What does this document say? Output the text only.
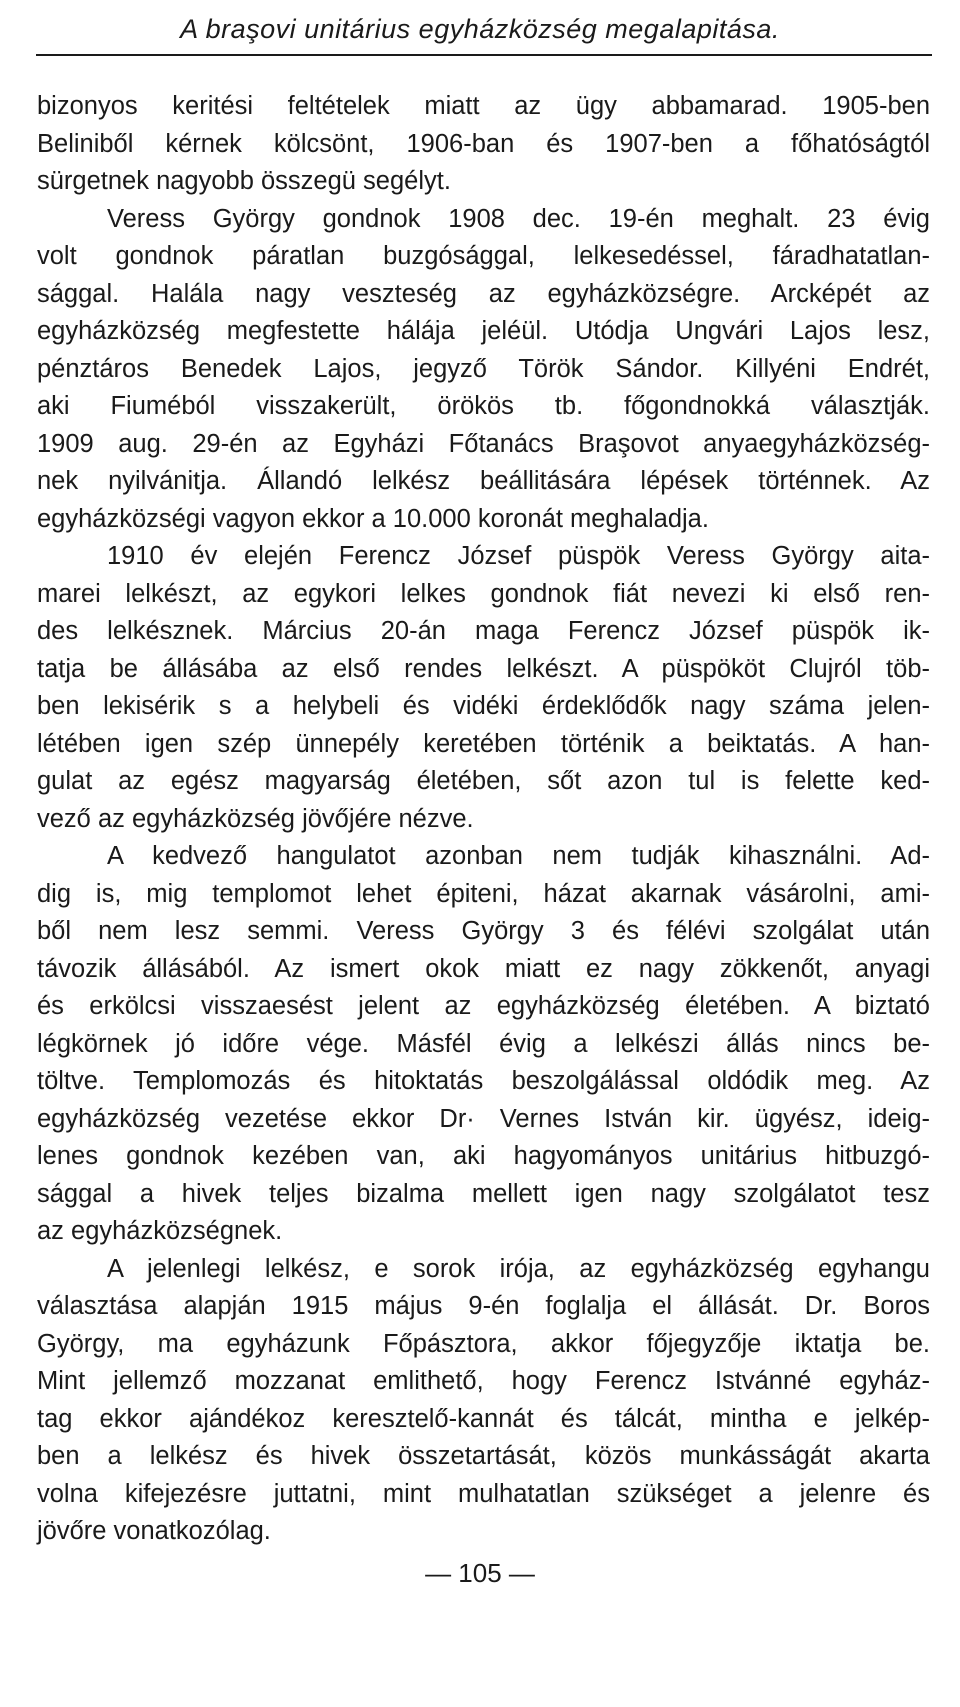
A braşovi unitárius egyházközség megalapitása.
bizonyos keritési feltételek miatt az ügy abbamarad. 1905-ben
Beliniből kérnek kölcsönt, 1906-ban és 1907-ben a főhatóságtól
sürgetnek nagyobb összegü segélyt.
Veress György gondnok 1908 dec. 19-én meghalt. 23 évig
volt gondnok páratlan buzgósággal, lelkesedéssel, fáradhatatlan-
sággal. Halála nagy veszteség az egyházközségre. Arcképét az
egyházközség megfestette hálája jeléül. Utódja Ungvári Lajos lesz,
pénztáros Benedek Lajos, jegyző Török Sándor. Killyéni Endrét,
aki Fiuméból visszakerült, örökös tb. főgondnokká választják.
1909 aug. 29-én az Egyházi Főtanács Braşovot anyaegyházközség-
nek nyilvánitja. Állandó lelkész beállitására lépések történnek. Az
egyházközségi vagyon ekkor a 10.000 koronát meghaladja.
1910 év elején Ferencz József püspök Veress György aita-
marei lelkészt, az egykori lelkes gondnok fiát nevezi ki első ren-
des lelkésznek. Március 20-án maga Ferencz József püspök ik-
tatja be állásába az első rendes lelkészt. A püspököt Clujról töb-
ben lekisérik s a helybeli és vidéki érdeklődők nagy száma jelen-
létében igen szép ünnepély keretében történik a beiktatás. A han-
gulat az egész magyarság életében, sőt azon tul is felette ked-
vező az egyházközség jövőjére nézve.
A kedvező hangulatot azonban nem tudják kihasználni. Ad-
dig is, mig templomot lehet épiteni, házat akarnak vásárolni, ami-
ből nem lesz semmi. Veress György 3 és félévi szolgálat után
távozik állásából. Az ismert okok miatt ez nagy zökkenőt, anyagi
és erkölcsi visszaesést jelent az egyházközség életében. A biztató
légkörnek jó időre vége. Másfél évig a lelkészi állás nincs be-
töltve. Templomozás és hitoktatás beszolgálással oldódik meg. Az
egyházközség vezetése ekkor Dr· Vernes István kir. ügyész, ideig-
lenes gondnok kezében van, aki hagyományos unitárius hitbuzgó-
sággal a hivek teljes bizalma mellett igen nagy szolgálatot tesz
az egyházközségnek.
A jelenlegi lelkész, e sorok irója, az egyházközség egyhangu
választása alapján 1915 május 9-én foglalja el állását. Dr. Boros
György, ma egyházunk Főpásztora, akkor főjegyzője iktatja be.
Mint jellemző mozzanat emlithető, hogy Ferencz Istvánné egyház-
tag ekkor ajándékoz keresztelő-kannát és tálcát, mintha e jelkép-
ben a lelkész és hivek összetartását, közös munkásságát akarta
volna kifejezésre juttatni, mint mulhatatlan szükséget a jelenre és
jövőre vonatkozólag.
— 105 —
